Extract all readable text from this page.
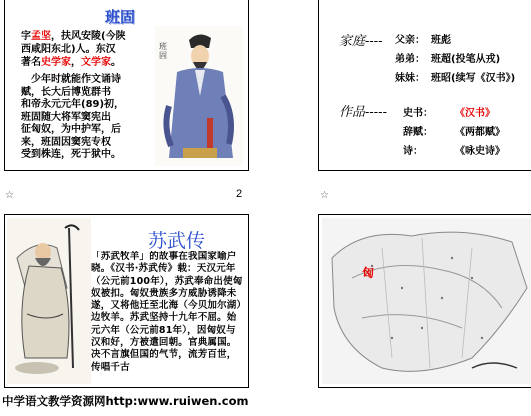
班固
字孟坚，扶风安陵(今陕
西咸阳东北)人。东汉
著名史学家，文学家。
少年时就能作文诵诗
赋，长大后博览群书
和帝永元元年(89)初，
班固随大将军窦宪出
征匈奴，为中护军，后
来，班固因窦宪专权
受到株连，死于狱中。
班固
☆	2
家庭---- 父亲： 班彪
弟弟： 班超(投笔从戎)
妹妹： 班昭(续写《汉书》)
作品----- 史书： 《汉书》
辞赋： 《两都赋》
诗：	《咏史诗》
☆
苏武传
「苏武牧羊」的故事在我国家喻户晓。《汉书·苏武传》载：天汉元年（公元前100年），苏武奉命出使匈奴被扣。匈奴贵族多方威胁诱降未遂，又将他迁至北海（今贝加尔湖）边牧羊。苏武坚持十九年不屈。始元六年（公元前81年），因匈奴与汉和好，方被遣回朝。官典属国。决不言旗但国的气节，流芳百世，传唱千古
匈
中学语文教学资源网http:www.ruiwen.com
